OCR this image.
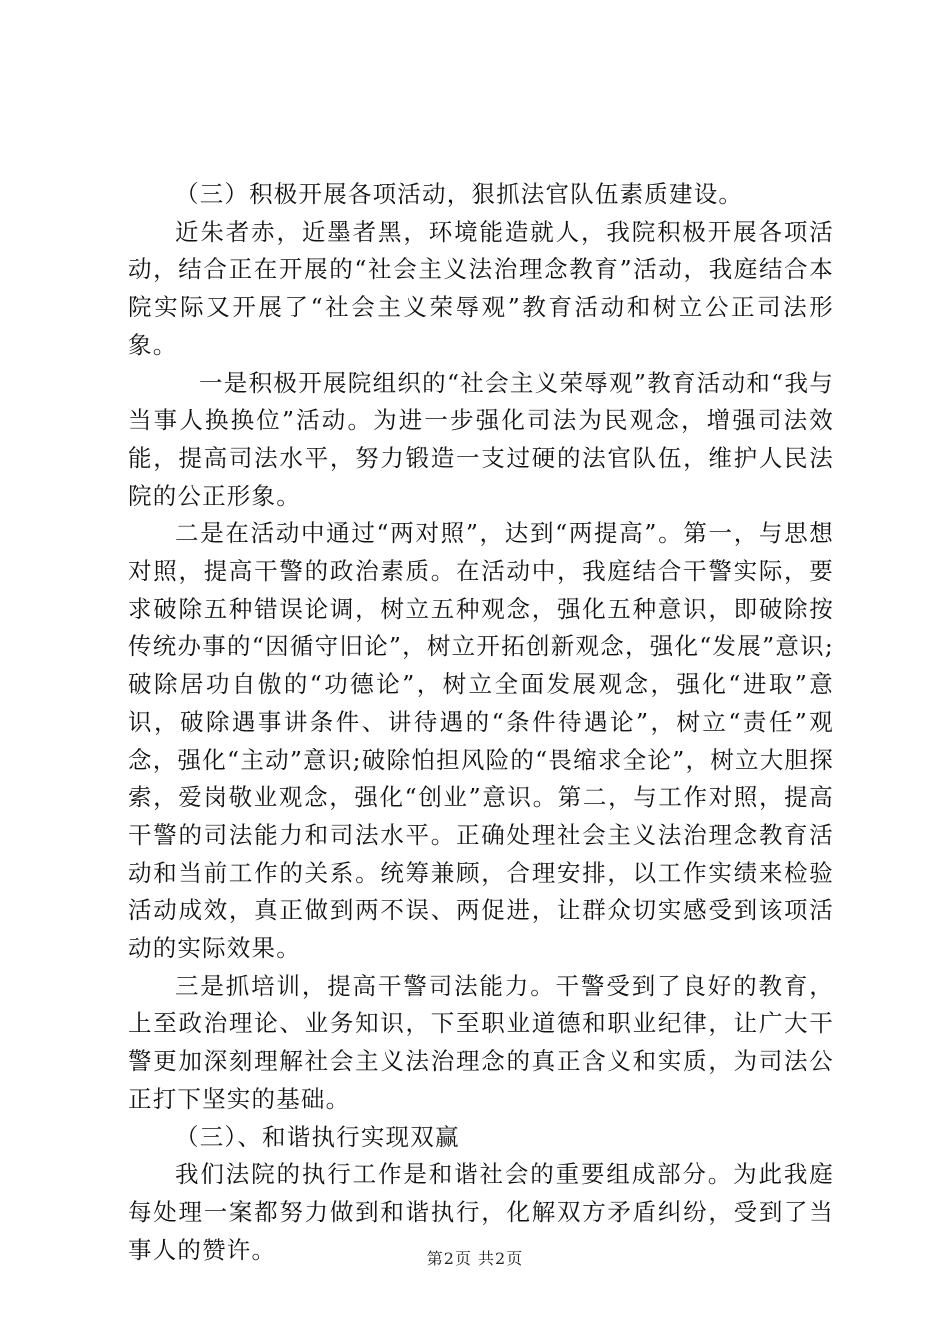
（三）积极开展各项活动，狠抓法官队伍素质建设。

近朱者赤，近墨者黑，环境能造就人，我院积极开展各项活动，结合正在开展的“社会主义法治理念教育”活动，我庭结合本院实际又开展了“社会主义荣辱观”教育活动和树立公正司法形象。

一是积极开展院组织的“社会主义荣辱观”教育活动和“我与当事人换换位”活动。为进一步强化司法为民观念，增强司法效能，提高司法水平，努力锻造一支过硬的法官队伍，维护人民法院的公正形象。

二是在活动中通过“两对照”，达到“两提高”。第一，与思想对照，提高干警的政治素质。在活动中，我庭结合干警实际，要求破除五种错误论调，树立五种观念，强化五种意识，即破除按传统办事的“因循守旧论”，树立开拓创新观念，强化“发展”意识;破除居功自傲的“功德论”，树立全面发展观念，强化“进取”意识，破除遇事讲条件、讲待遇的“条件待遇论”，树立“责任”观念，强化“主动”意识;破除怕担风险的“畏缩求全论”，树立大胆探索，爱岗敬业观念，强化“创业”意识。第二，与工作对照，提高干警的司法能力和司法水平。正确处理社会主义法治理念教育活动和当前工作的关系。统筹兼顾，合理安排，以工作实绩来检验活动成效，真正做到两不误、两促进，让群众切实感受到该项活动的实际效果。

三是抓培训，提高干警司法能力。干警受到了良好的教育，上至政治理论、业务知识，下至职业道德和职业纪律，让广大干警更加深刻理解社会主义法治理念的真正含义和实质，为司法公正打下坚实的基础。

（三）、和谐执行实现双赢

我们法院的执行工作是和谐社会的重要组成部分。为此我庭每处理一案都努力做到和谐执行，化解双方矛盾纠纷，受到了当事人的赞许。	第2页 共2页
